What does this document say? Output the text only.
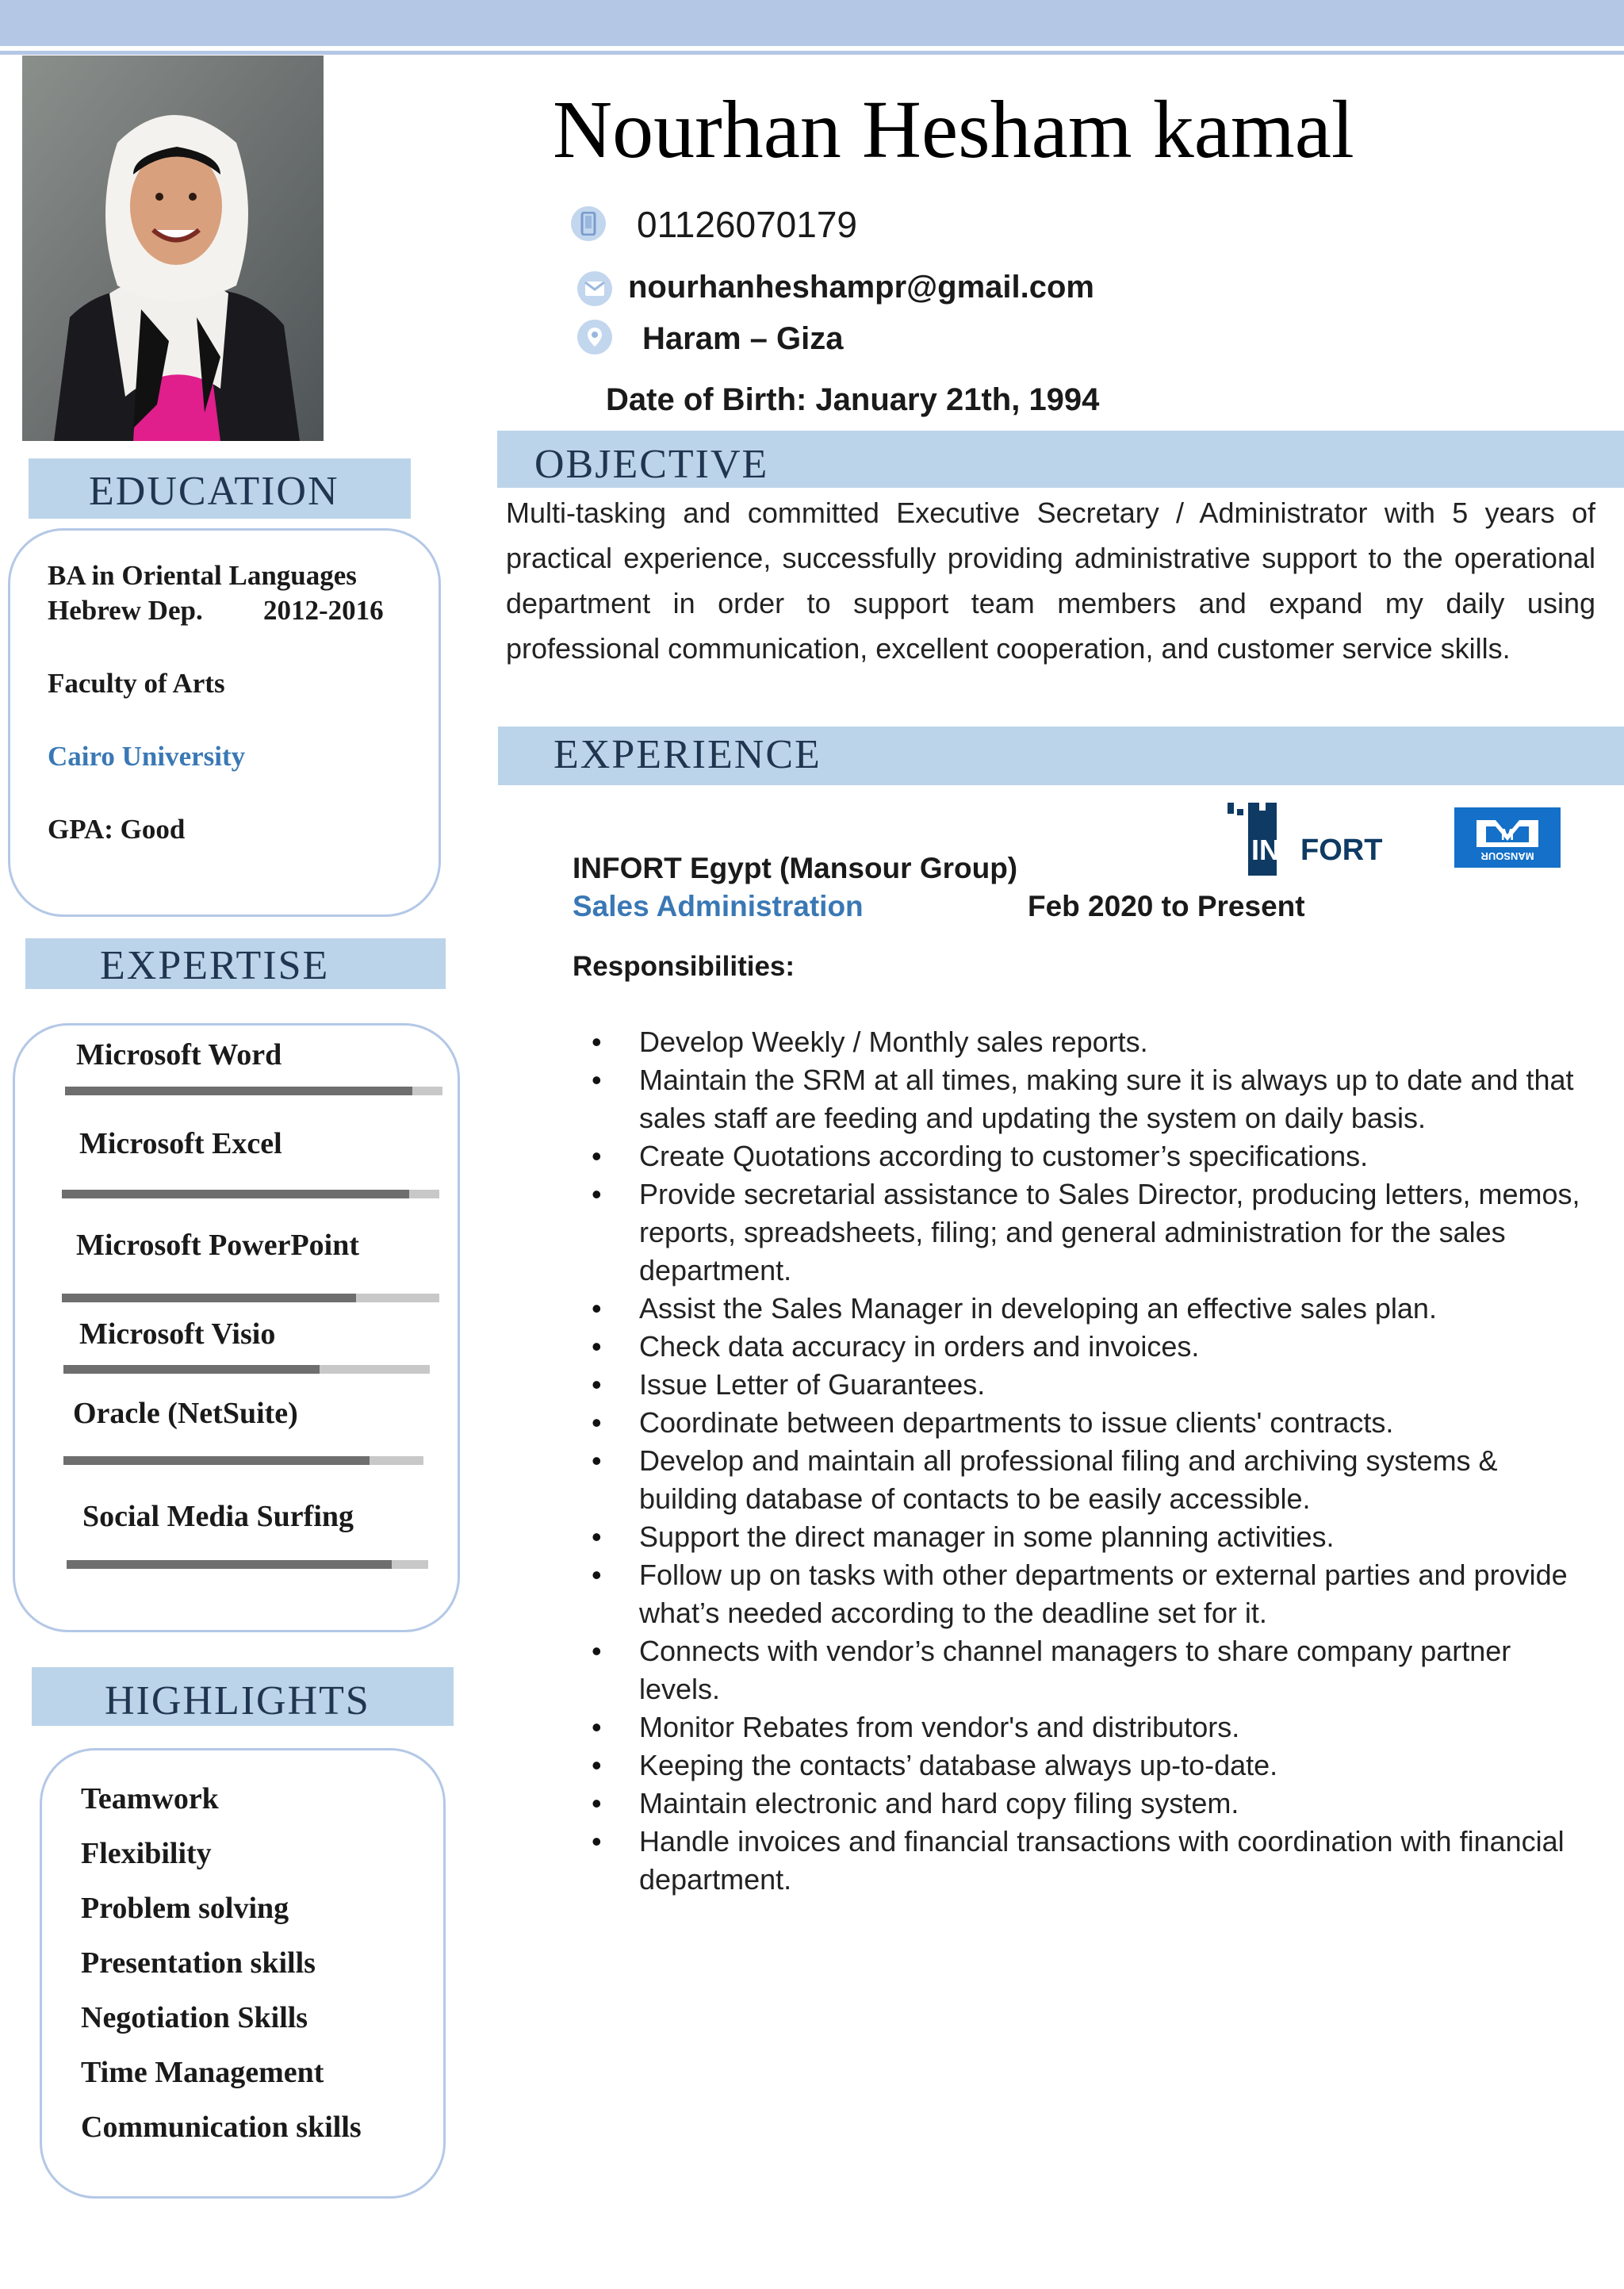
Nourhan Hesham kamal
01126070179
nourhanheshampr@gmail.com
Haram – Giza
Date of Birth: January 21th, 1994
OBJECTIVE
Multi-tasking and committed Executive Secretary / Administrator with 5 years of practical experience, successfully providing administrative support to the operational department in order to support team members and expand my daily using professional communication, excellent cooperation, and customer service skills.
EXPERIENCE
IN FORT	M
MANSOUR
INFORT Egypt (Mansour Group)
Sales Administration	Feb 2020 to Present
Responsibilities:
• Develop Weekly / Monthly sales reports.
• Maintain the SRM at all times, making sure it is always up to date and that sales staff are feeding and updating the system on daily basis.
• Create Quotations according to customer’s specifications.
• Provide secretarial assistance to Sales Director, producing letters, memos, reports, spreadsheets, filing; and general administration for the sales department.
• Assist the Sales Manager in developing an effective sales plan.
• Check data accuracy in orders and invoices.
• Issue Letter of Guarantees.
• Coordinate between departments to issue clients' contracts.
• Develop and maintain all professional filing and archiving systems & building database of contacts to be easily accessible.
• Support the direct manager in some planning activities.
• Follow up on tasks with other departments or external parties and provide what’s needed according to the deadline set for it.
• Connects with vendor’s channel managers to share company partner levels.
• Monitor Rebates from vendor's and distributors.
• Keeping the contacts’ database always up-to-date.
• Maintain electronic and hard copy filing system.
• Handle invoices and financial transactions with coordination with financial department.
EDUCATION
BA in Oriental Languages
Hebrew Dep. 2012-2016
Faculty of Arts
Cairo University
GPA: Good
EXPERTISE
Microsoft Word
Microsoft Excel
Microsoft PowerPoint
Microsoft Visio
Oracle (NetSuite)
Social Media Surfing
HIGHLIGHTS
Teamwork
Flexibility
Problem solving
Presentation skills
Negotiation Skills
Time Management
Communication skills
